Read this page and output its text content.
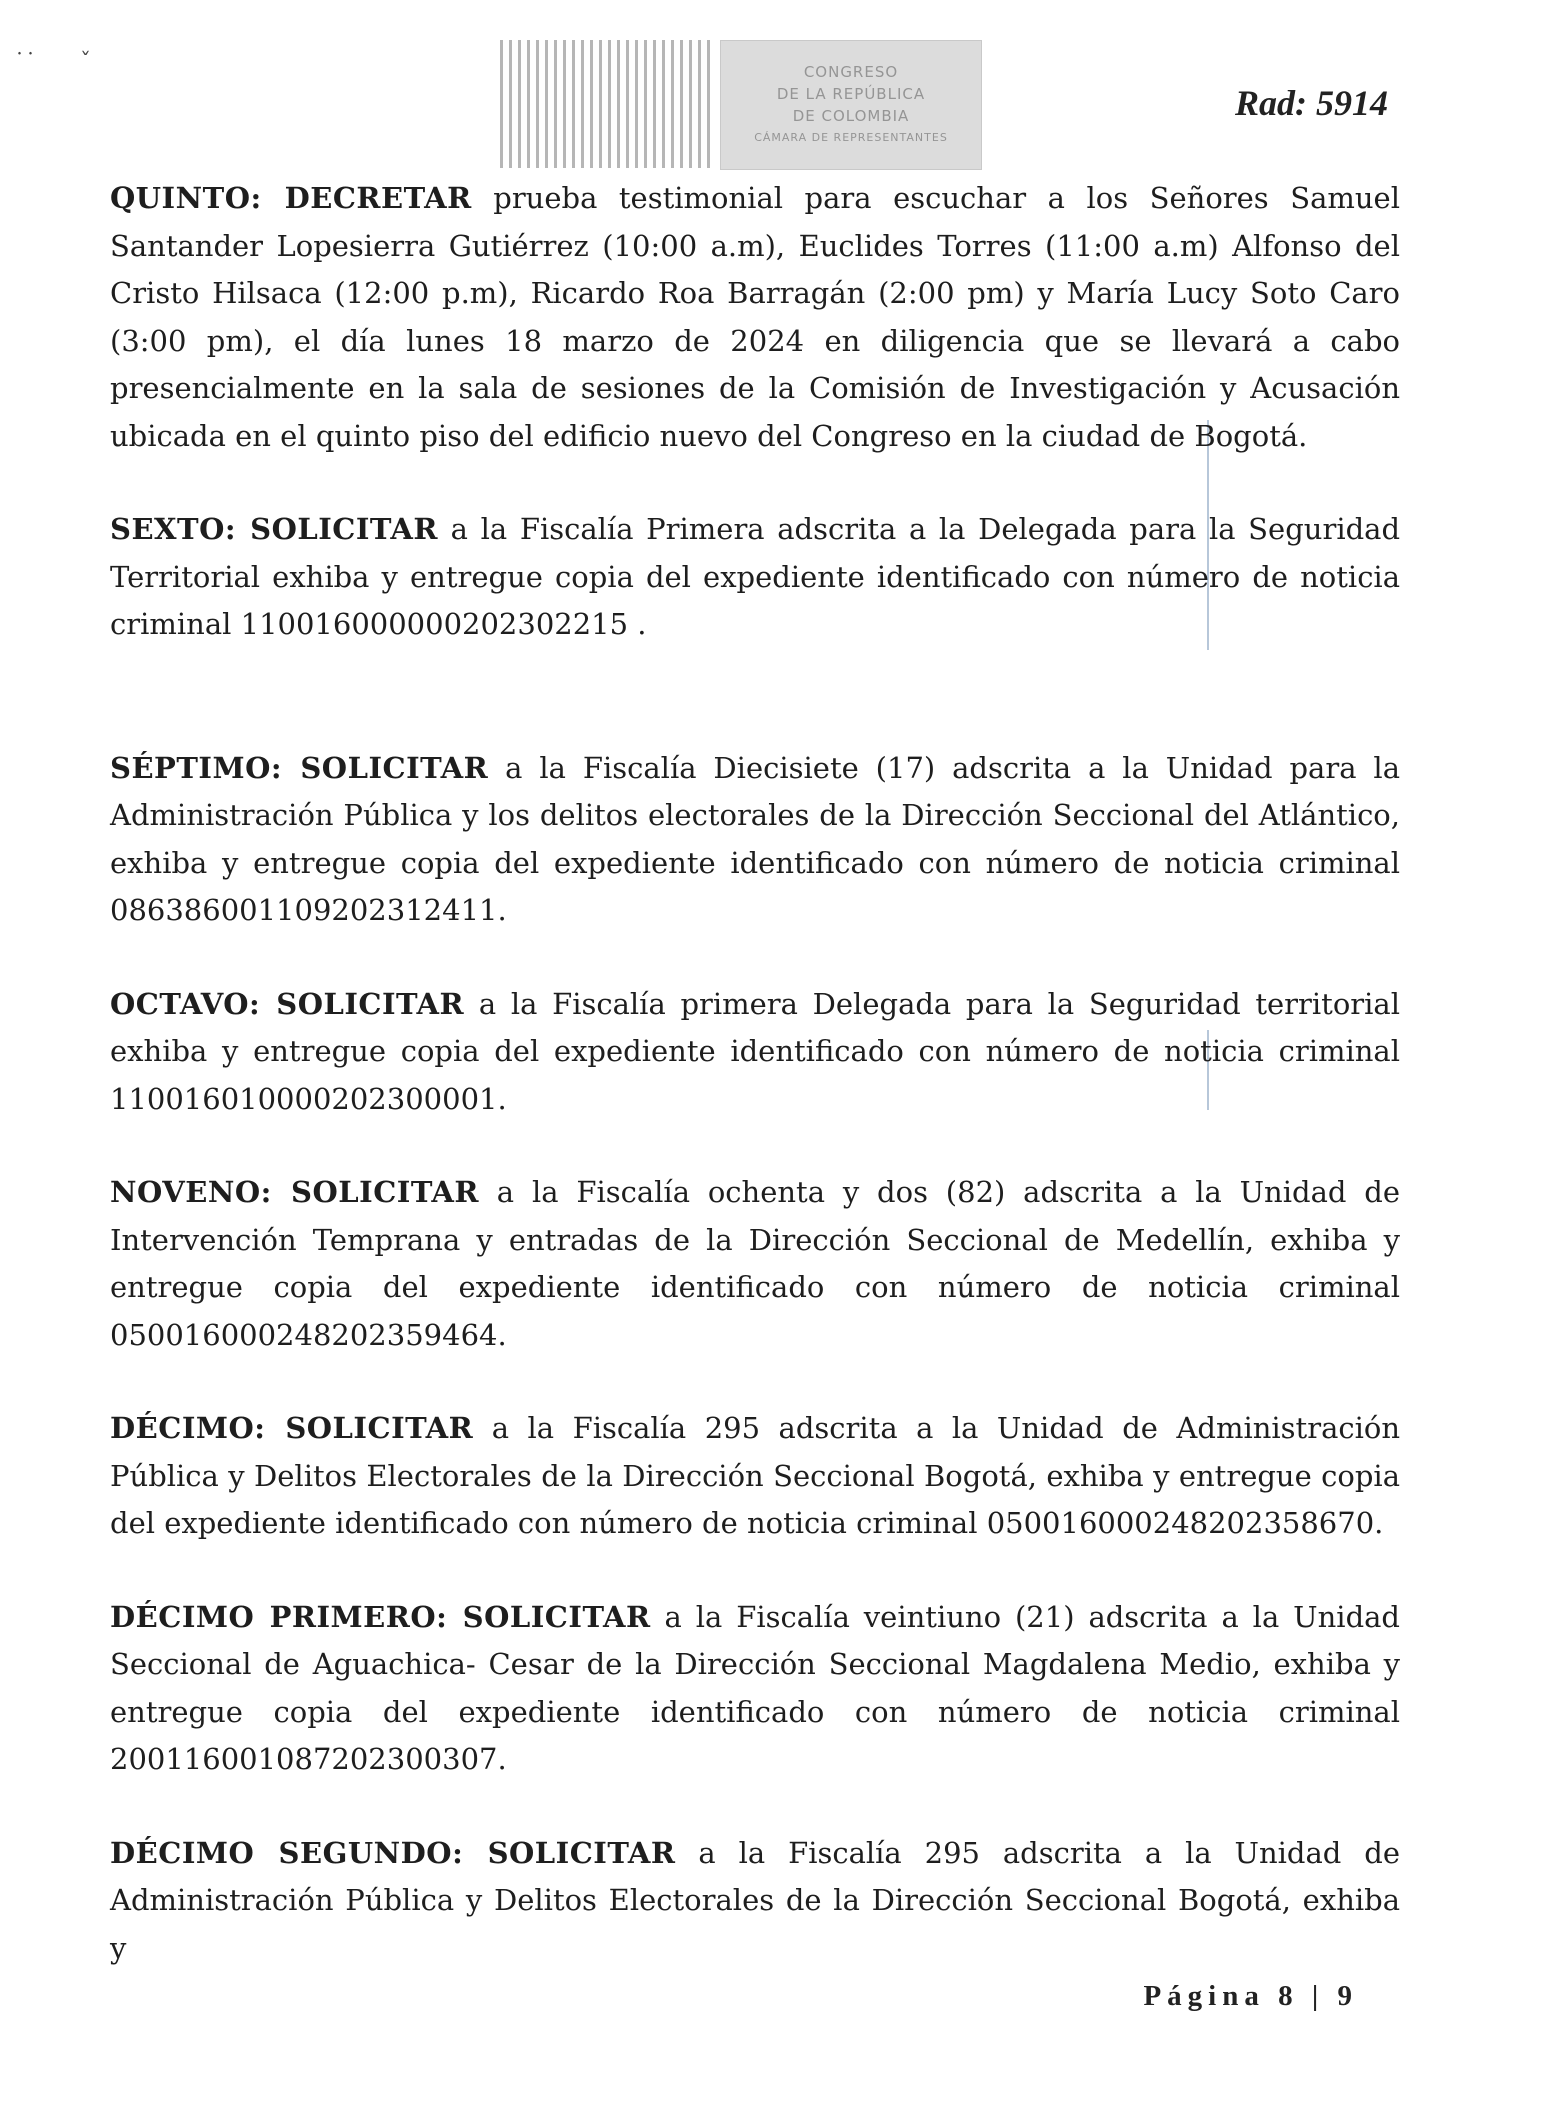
˙˙ ˇ	CONGRESO
DE LA REPÚBLICA
DE COLOMBIA
CÁMARA DE REPRESENTANTES
Rad: 5914

QUINTO: DECRETAR prueba testimonial para escuchar a los Señores Samuel Santander Lopesierra Gutiérrez (10:00 a.m), Euclides Torres (11:00 a.m) Alfonso del Cristo Hilsaca (12:00 p.m), Ricardo Roa Barragán (2:00 pm) y María Lucy Soto Caro (3:00 pm), el día lunes 18 marzo de 2024 en diligencia que se llevará a cabo presencialmente en la sala de sesiones de la Comisión de Investigación y Acusación ubicada en el quinto piso del edificio nuevo del Congreso en la ciudad de Bogotá.

SEXTO: SOLICITAR a la Fiscalía Primera adscrita a la Delegada para la Seguridad Territorial exhiba y entregue copia del expediente identificado con número de noticia criminal 110016000000202302215 .

SÉPTIMO: SOLICITAR a la Fiscalía Diecisiete (17) adscrita a la Unidad para la Administración Pública y los delitos electorales de la Dirección Seccional del Atlántico, exhiba y entregue copia del expediente identificado con número de noticia criminal 086386001109202312411.

OCTAVO: SOLICITAR a la Fiscalía primera Delegada para la Seguridad territorial exhiba y entregue copia del expediente identificado con número de noticia criminal 110016010000202300001.

NOVENO: SOLICITAR a la Fiscalía ochenta y dos (82) adscrita a la Unidad de Intervención Temprana y entradas de la Dirección Seccional de Medellín, exhiba y entregue copia del expediente identificado con número de noticia criminal 050016000248202359464.

DÉCIMO: SOLICITAR a la Fiscalía 295 adscrita a la Unidad de Administración Pública y Delitos Electorales de la Dirección Seccional Bogotá, exhiba y entregue copia del expediente identificado con número de noticia criminal 050016000248202358670.

DÉCIMO PRIMERO: SOLICITAR a la Fiscalía veintiuno (21) adscrita a la Unidad Seccional de Aguachica- Cesar de la Dirección Seccional Magdalena Medio, exhiba y entregue copia del expediente identificado con número de noticia criminal 200116001087202300307.

DÉCIMO SEGUNDO: SOLICITAR a la Fiscalía 295 adscrita a la Unidad de Administración Pública y Delitos Electorales de la Dirección Seccional Bogotá, exhiba y

Página 8 | 9
